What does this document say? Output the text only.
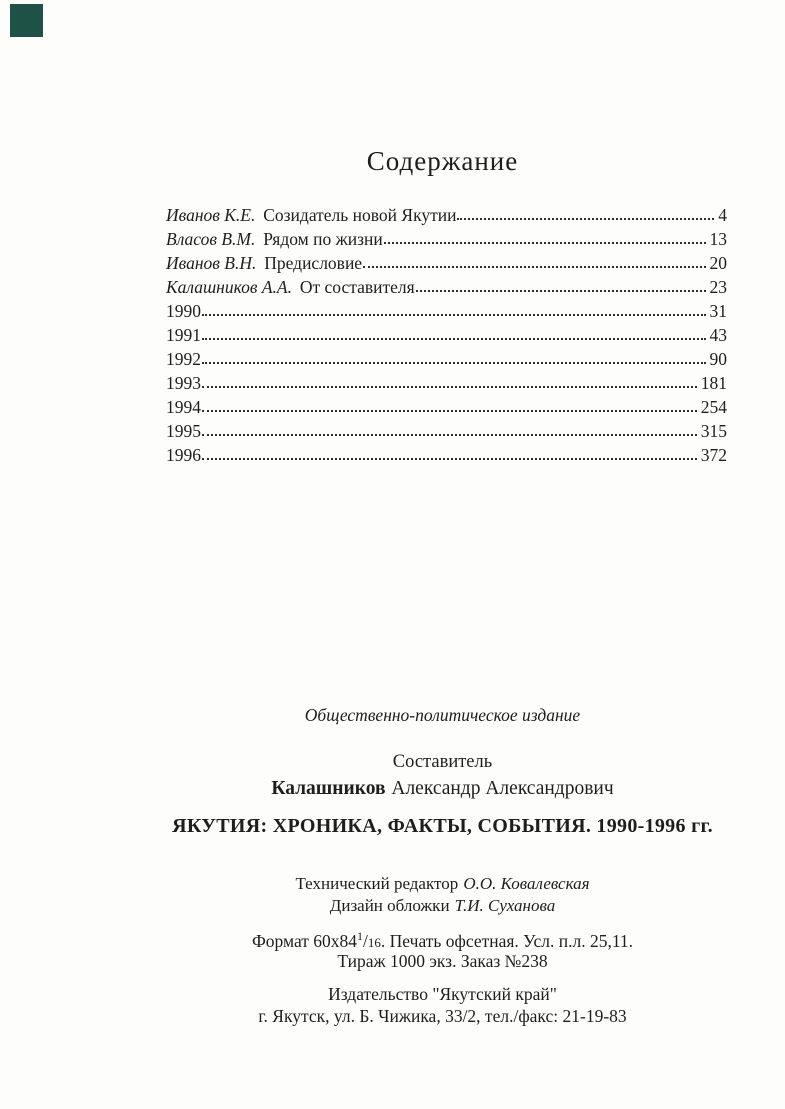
Содержание
Иванов К.Е. Созидатель новой Якутии	4
Власов В.М. Рядом по жизни	13
Иванов В.Н. Предисловие	20
Калашников А.А. От составителя	23
1990	31
1991	43
1992	90
1993	181
1994	254
1995	315
1996	372
Общественно-политическое издание
Составитель
Калашников Александр Александрович
ЯКУТИЯ: ХРОНИКА, ФАКТЫ, СОБЫТИЯ. 1990-1996 гг.
Технический редактор О.О. Ковалевская
Дизайн обложки Т.И. Суханова
Формат $60х84^1/16$. Печать офсетная. Усл. п.л. 25,11.
Тираж 1000 экз. Заказ №238
Издательство "Якутский край"
г. Якутск, ул. Б. Чижика, 33/2, тел./факс: 21-19-83
